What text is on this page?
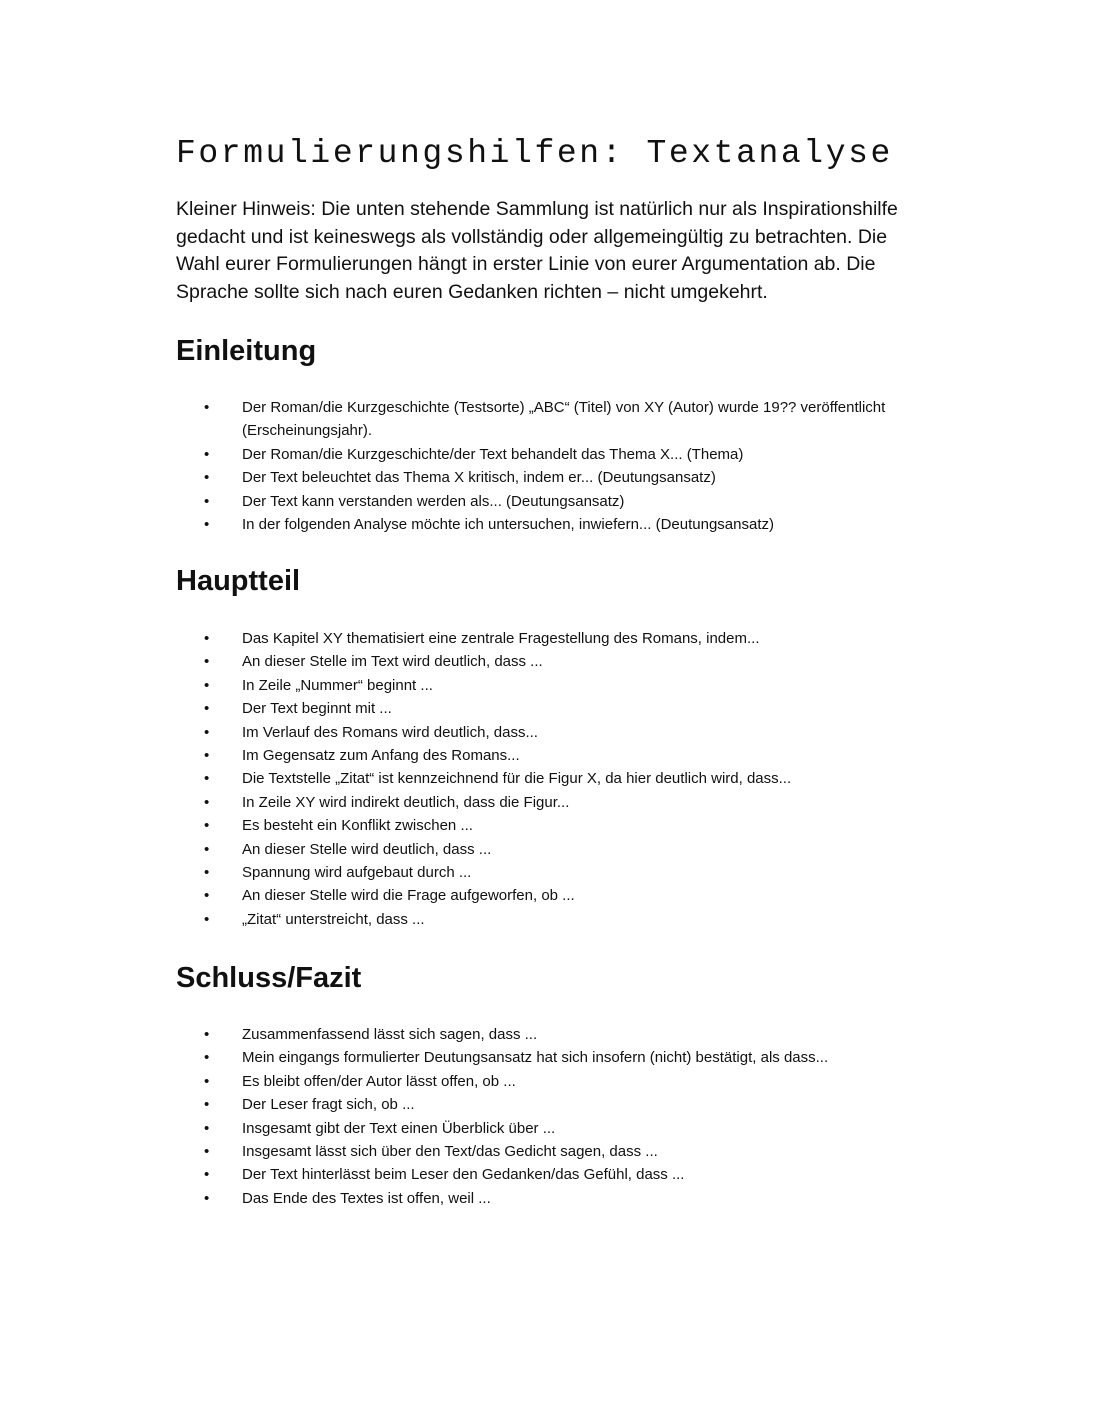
Formulierungshilfen: Textanalyse

Kleiner Hinweis: Die unten stehende Sammlung ist natürlich nur als Inspirationshilfe gedacht und ist keineswegs als vollständig oder allgemeingültig zu betrachten. Die Wahl eurer Formulierungen hängt in erster Linie von eurer Argumentation ab. Die Sprache sollte sich nach euren Gedanken richten – nicht umgekehrt.

Einleitung
• Der Roman/die Kurzgeschichte (Testsorte) „ABC“ (Titel) von XY (Autor) wurde 19?? veröffentlicht (Erscheinungsjahr).
• Der Roman/die Kurzgeschichte/der Text behandelt das Thema X... (Thema)
• Der Text beleuchtet das Thema X kritisch, indem er... (Deutungsansatz)
• Der Text kann verstanden werden als... (Deutungsansatz)
• In der folgenden Analyse möchte ich untersuchen, inwiefern... (Deutungsansatz)
Hauptteil
• Das Kapitel XY thematisiert eine zentrale Fragestellung des Romans, indem...
• An dieser Stelle im Text wird deutlich, dass ...
• In Zeile „Nummer“ beginnt ...
• Der Text beginnt mit ...
• Im Verlauf des Romans wird deutlich, dass...
• Im Gegensatz zum Anfang des Romans...
• Die Textstelle „Zitat“ ist kennzeichnend für die Figur X, da hier deutlich wird, dass...
• In Zeile XY wird indirekt deutlich, dass die Figur...
• Es besteht ein Konflikt zwischen ...
• An dieser Stelle wird deutlich, dass ...
• Spannung wird aufgebaut durch ...
• An dieser Stelle wird die Frage aufgeworfen, ob ...
• „Zitat“ unterstreicht, dass ...
Schluss/Fazit
• Zusammenfassend lässt sich sagen, dass ...
• Mein eingangs formulierter Deutungsansatz hat sich insofern (nicht) bestätigt, als dass...
• Es bleibt offen/der Autor lässt offen, ob ...
• Der Leser fragt sich, ob ...
• Insgesamt gibt der Text einen Überblick über ...
• Insgesamt lässt sich über den Text/das Gedicht sagen, dass ...
• Der Text hinterlässt beim Leser den Gedanken/das Gefühl, dass ...
• Das Ende des Textes ist offen, weil ...
